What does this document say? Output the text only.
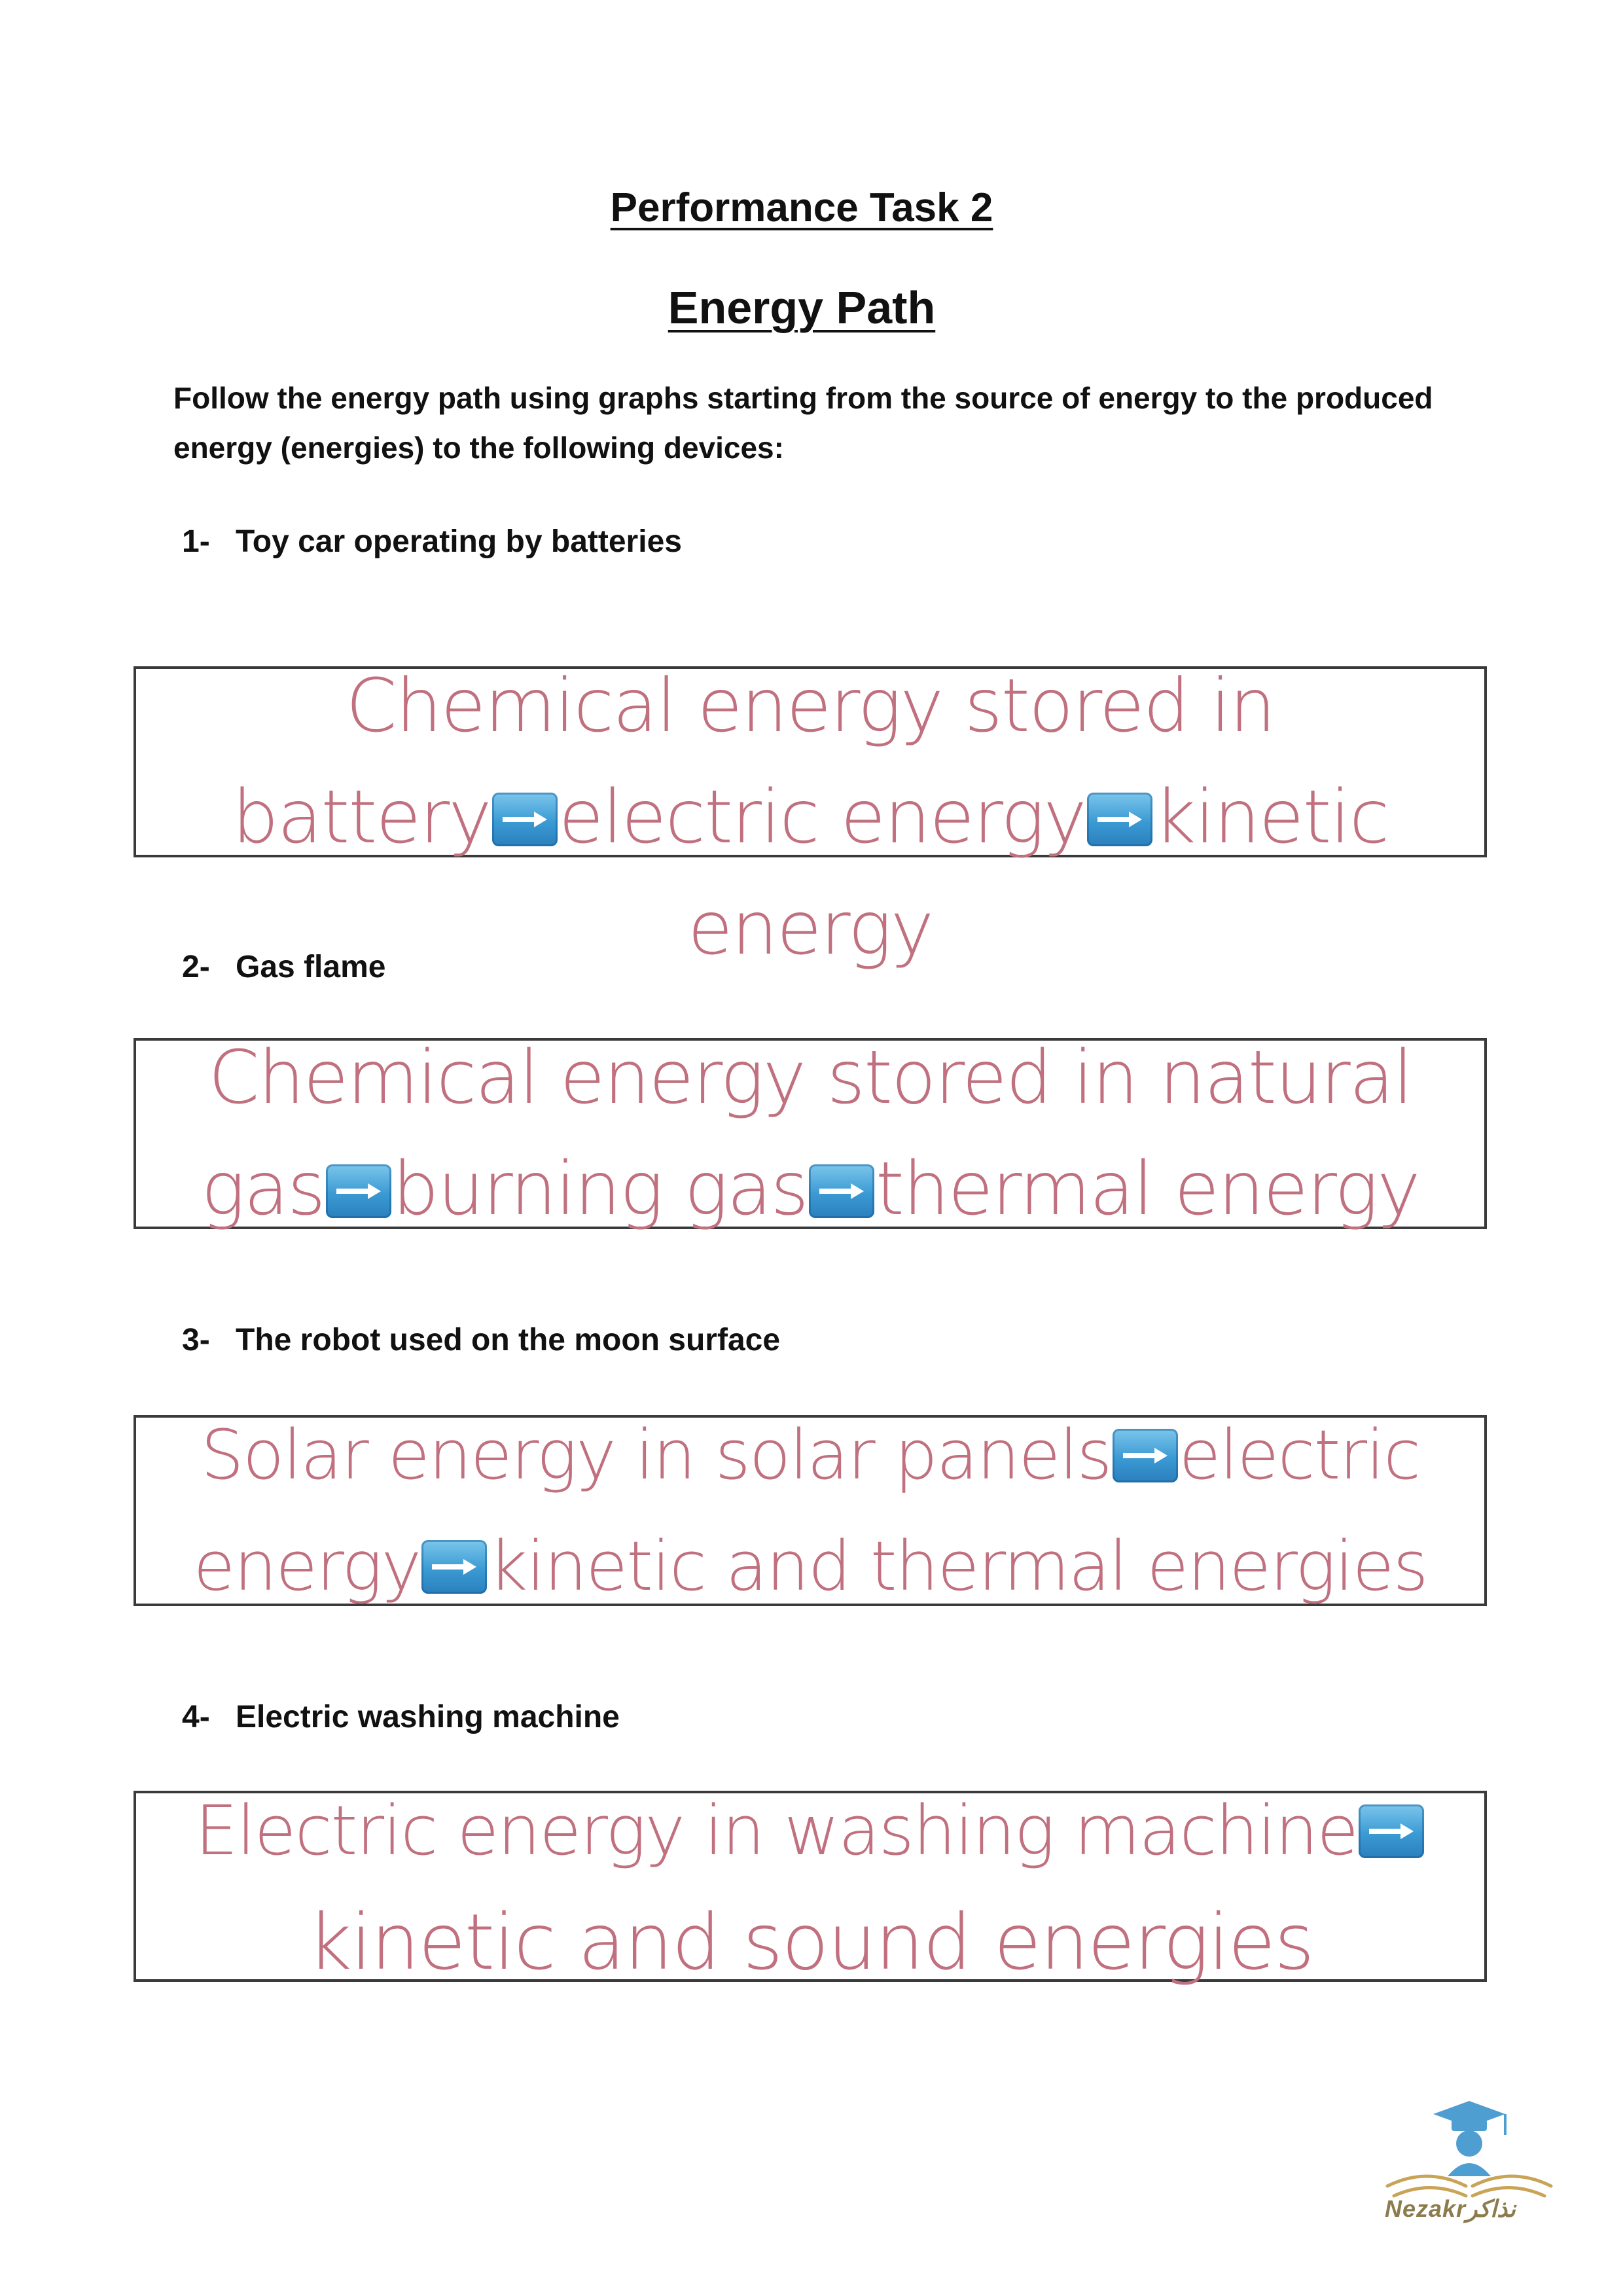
Performance Task 2
Energy Path
Follow the energy path using graphs starting from the source of energy to the produced energy (energies) to the following devices:
1- Toy car operating by batteries
Chemical energy stored in
battery electric energy kinetic energy
2- Gas flame
Chemical energy stored in natural
gas burning gas thermal energy
3- The robot used on the moon surface
Solar energy in solar panels electric
energy kinetic and thermal energies
4- Electric washing machine
Electric energy in washing machine
kinetic and sound energies
Nezakrنذاكر
